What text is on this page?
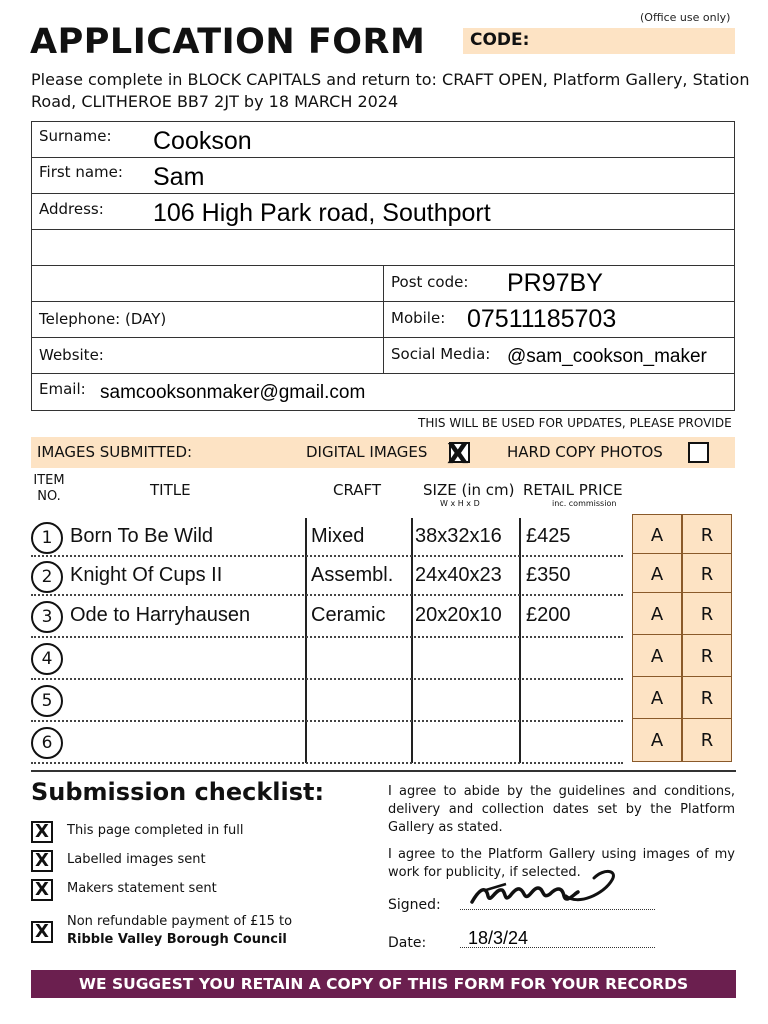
(Office use only)
APPLICATION FORM	CODE:
Please complete in BLOCK CAPITALS and return to: CRAFT OPEN, Platform Gallery, Station Road, CLITHEROE BB7 2JT by 18 MARCH 2024
Surname: Cookson
First name: Sam
Address: 106 High Park road, Southport
Post code: PR97BY
Telephone: (DAY)	Mobile: 07511185703
Website:	Social Media: @sam_cookson_maker
Email: samcooksonmaker@gmail.com
THIS WILL BE USED FOR UPDATES, PLEASE PROVIDE
IMAGES SUBMITTED:	DIGITAL IMAGES X	HARD COPY PHOTOS
ITEM NO.	TITLE	CRAFT	SIZE (in cm)
W x H x D
RETAIL PRICE
inc. commission
1 Born To Be Wild	Mixed	38x32x16 £425	A	R
2 Knight Of Cups II	Assembl. 24x40x23 £350	A	R
3 Ode to Harryhausen	Ceramic 20x20x10 £200	A	R
4	A	R
5	A	R
6	A	R
Submission checklist:
X	This page completed in full
X	Labelled images sent
X	Makers statement sent
X	Non refundable payment of £15 to
Ribble Valley Borough Council
I agree to abide by the guidelines and conditions, delivery and collection dates set by the Platform Gallery as stated.
I agree to the Platform Gallery using images of my work for publicity, if selected.
Signed:
Date: 18/3/24
WE SUGGEST YOU RETAIN A COPY OF THIS FORM FOR YOUR RECORDS
